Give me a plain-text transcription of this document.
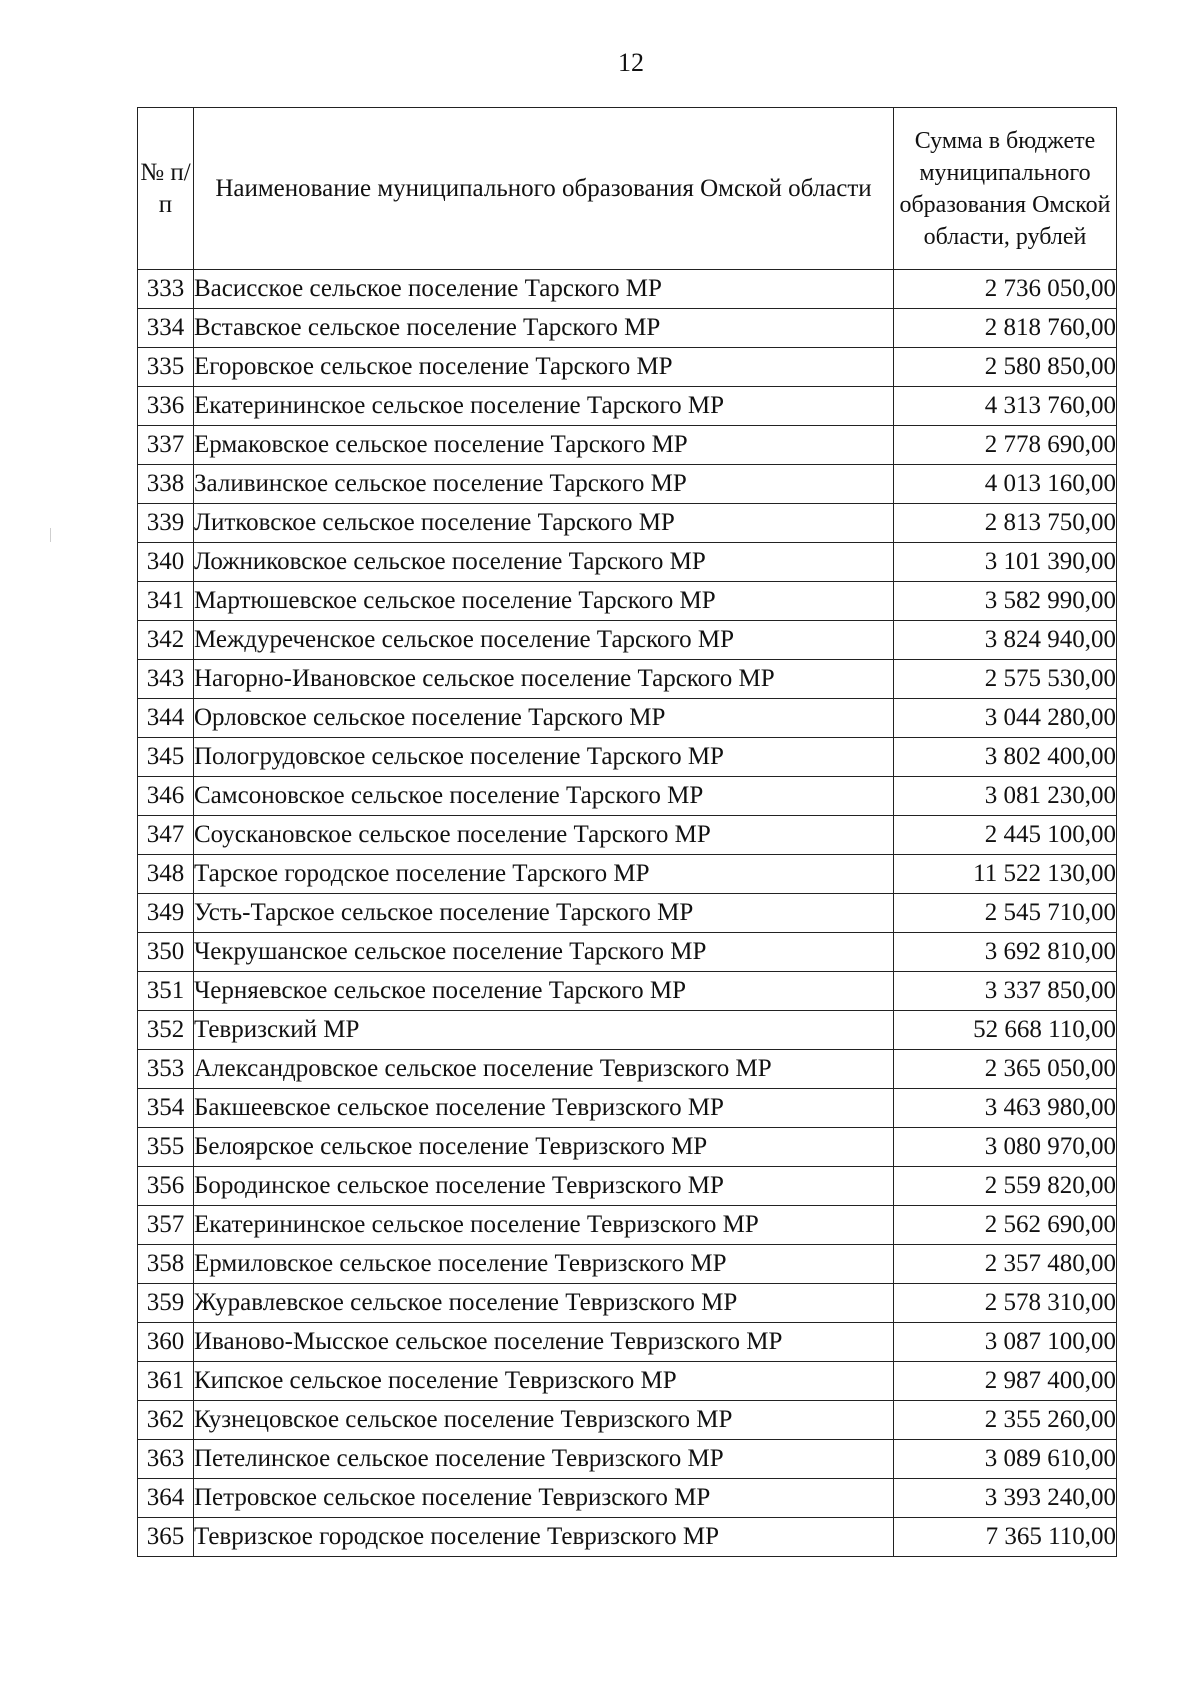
12
№ п/п	Наименование муниципального образования Омской области	Сумма в бюджете муниципального образования Омской области, рублей
333	Васисское сельское поселение Тарского МР	2 736 050,00
334	Вставское сельское поселение Тарского МР	2 818 760,00
335	Егоровское сельское поселение Тарского МР	2 580 850,00
336	Екатерининское сельское поселение Тарского МР	4 313 760,00
337	Ермаковское сельское поселение Тарского МР	2 778 690,00
338	Заливинское сельское поселение Тарского МР	4 013 160,00
339	Литковское сельское поселение Тарского МР	2 813 750,00
340	Ложниковское сельское поселение Тарского МР	3 101 390,00
341	Мартюшевское сельское поселение Тарского МР	3 582 990,00
342	Междуреченское сельское поселение Тарского МР	3 824 940,00
343	Нагорно-Ивановское сельское поселение Тарского МР	2 575 530,00
344	Орловское сельское поселение Тарского МР	3 044 280,00
345	Пологрудовское сельское поселение Тарского МР	3 802 400,00
346	Самсоновское сельское поселение Тарского МР	3 081 230,00
347	Соускановское сельское поселение Тарского МР	2 445 100,00
348	Тарское городское поселение Тарского МР	11 522 130,00
349	Усть-Тарское сельское поселение Тарского МР	2 545 710,00
350	Чекрушанское сельское поселение Тарского МР	3 692 810,00
351	Черняевское сельское поселение Тарского МР	3 337 850,00
352	Тевризский МР	52 668 110,00
353	Александровское сельское поселение Тевризского МР	2 365 050,00
354	Бакшеевское сельское поселение Тевризского МР	3 463 980,00
355	Белоярское сельское поселение Тевризского МР	3 080 970,00
356	Бородинское сельское поселение Тевризского МР	2 559 820,00
357	Екатерининское сельское поселение Тевризского МР	2 562 690,00
358	Ермиловское сельское поселение Тевризского МР	2 357 480,00
359	Журавлевское сельское поселение Тевризского МР	2 578 310,00
360	Иваново-Мысское сельское поселение Тевризского МР	3 087 100,00
361	Кипское сельское поселение Тевризского МР	2 987 400,00
362	Кузнецовское сельское поселение Тевризского МР	2 355 260,00
363	Петелинское сельское поселение Тевризского МР	3 089 610,00
364	Петровское сельское поселение Тевризского МР	3 393 240,00
365	Тевризское городское поселение Тевризского МР	7 365 110,00
